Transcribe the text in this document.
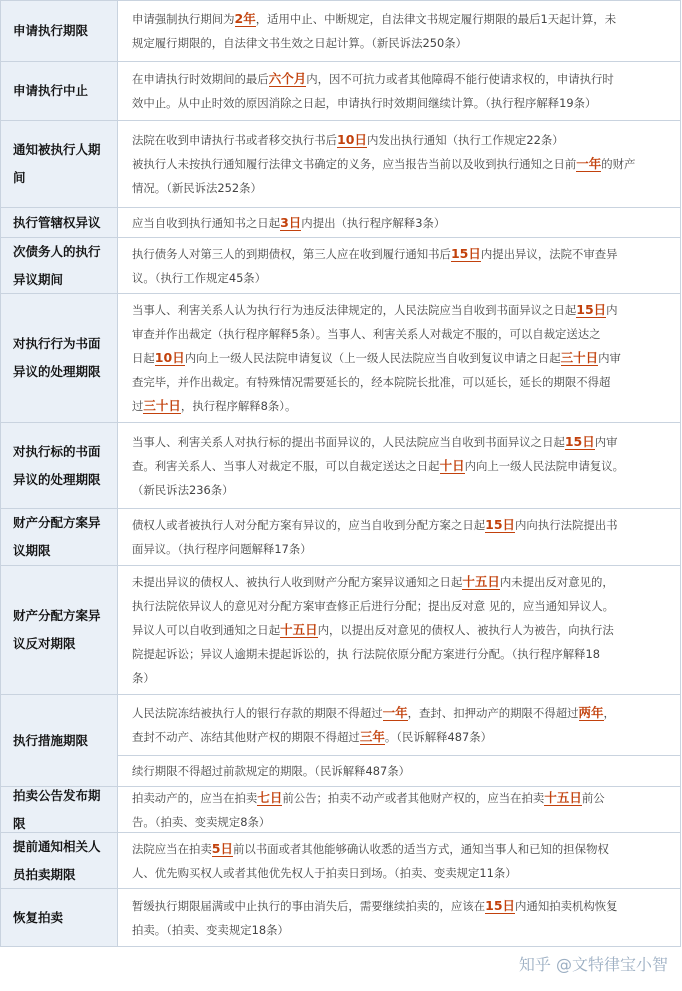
申请执行期限
申请强制执行期间为2年，适用中止、中断规定，自法律文书规定履行期限的最后1天起计算，未
规定履行期限的，自法律文书生效之日起计算。（新民诉法250条）
申请执行中止
在申请执行时效期间的最后六个月内，因不可抗力或者其他障碍不能行使请求权的，申请执行时
效中止。从中止时效的原因消除之日起，申请执行时效期间继续计算。（执行程序解释19条）
通知被执行人期
间
法院在收到申请执行书或者移交执行书后10日内发出执行通知（执行工作规定22条）
被执行人未按执行通知履行法律文书确定的义务，应当报告当前以及收到执行通知之日前一年的财产
情况。（新民诉法252条）
执行管辖权异议	应当自收到执行通知书之日起3日内提出（执行程序解释3条）
次债务人的执行
异议期间
执行债务人对第三人的到期债权，第三人应在收到履行通知书后15日内提出异议，法院不审查异
议。（执行工作规定45条）
对执行行为书面
异议的处理期限
当事人、利害关系人认为执行行为违反法律规定的，人民法院应当自收到书面异议之日起15日内
审查并作出裁定（执行程序解释5条）。当事人、利害关系人对裁定不服的，可以自裁定送达之
日起10日内向上一级人民法院申请复议（上一级人民法院应当自收到复议申请之日起三十日内审
查完毕，并作出裁定。有特殊情况需要延长的，经本院院长批准，可以延长，延长的期限不得超
过三十日，执行程序解释8条）。
对执行标的书面
异议的处理期限
当事人、利害关系人对执行标的提出书面异议的，人民法院应当自收到书面异议之日起15日内审
查。利害关系人、当事人对裁定不服，可以自裁定送达之日起十日内向上一级人民法院申请复议。
（新民诉法236条）
财产分配方案异
议期限
债权人或者被执行人对分配方案有异议的，应当自收到分配方案之日起15日内向执行法院提出书
面异议。（执行程序问题解释17条）
财产分配方案异
议反对期限
未提出异议的债权人、被执行人收到财产分配方案异议通知之日起十五日内未提出反对意见的，
执行法院依异议人的意见对分配方案审查修正后进行分配；提出反对意 见的，应当通知异议人。
异议人可以自收到通知之日起十五日内，以提出反对意见的债权人、被执行人为被告，向执行法
院提起诉讼；异议人逾期未提起诉讼的，执 行法院依原分配方案进行分配。（执行程序解释18
条）
执行措施期限
人民法院冻结被执行人的银行存款的期限不得超过一年，查封、扣押动产的期限不得超过两年，
查封不动产、冻结其他财产权的期限不得超过三年。（民诉解释487条）
续行期限不得超过前款规定的期限。（民诉解释487条）
拍卖公告发布期
限
拍卖动产的，应当在拍卖七日前公告；拍卖不动产或者其他财产权的，应当在拍卖十五日前公
告。（拍卖、变卖规定8条）
提前通知相关人
员拍卖期限
法院应当在拍卖5日前以书面或者其他能够确认收悉的适当方式，通知当事人和已知的担保物权
人、优先购买权人或者其他优先权人于拍卖日到场。（拍卖、变卖规定11条）
恢复拍卖
暂缓执行期限届满或中止执行的事由消失后，需要继续拍卖的，应该在15日内通知拍卖机构恢复
拍卖。（拍卖、变卖规定18条）
知乎 @文特律宝小智
